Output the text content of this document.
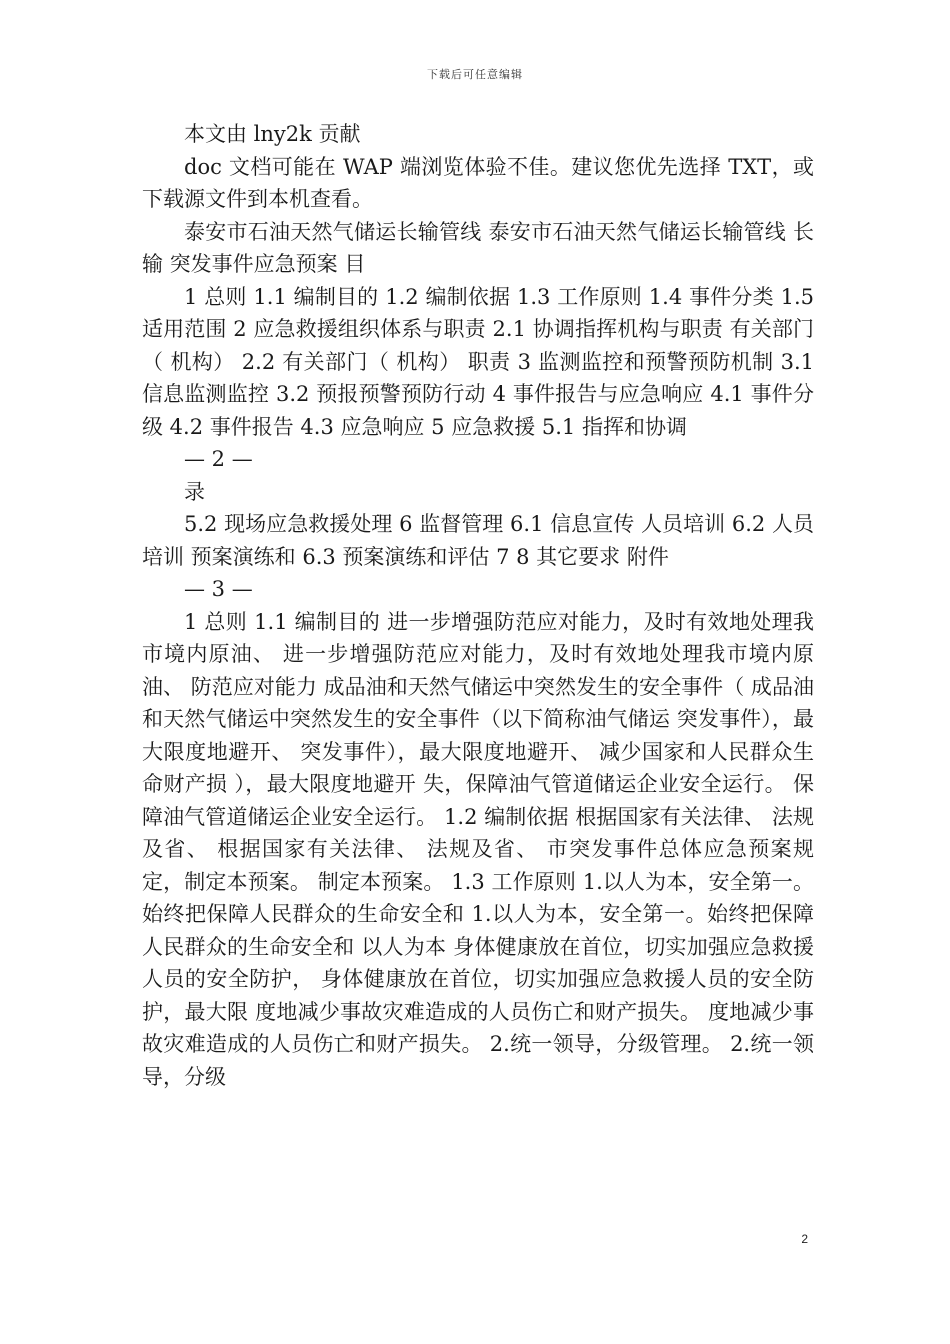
下载后可任意编辑

本文由 lny2k 贡献

doc 文档可能在 WAP 端浏览体验不佳。建议您优先选择 TXT，或下载源文件到本机查看。

泰安市石油天然气储运长输管线 泰安市石油天然气储运长输管线 长输 突发事件应急预案 目

1 总则 1.1 编制目的 1.2 编制依据 1.3 工作原则 1.4 事件分类 1.5 适用范围 2 应急救援组织体系与职责 2.1 协调指挥机构与职责 有关部门（ 机构） 2.2 有关部门（ 机构） 职责 3 监测监控和预警预防机制 3.1 信息监测监控 3.2 预报预警预防行动 4 事件报告与应急响应 4.1 事件分级 4.2 事件报告 4.3 应急响应 5 应急救援 5.1 指挥和协调

— 2 —

录

5.2 现场应急救援处理 6 监督管理 6.1 信息宣传 人员培训 6.2 人员培训 预案演练和 6.3 预案演练和评估 7 8 其它要求 附件

— 3 —

1 总则 1.1 编制目的 进一步增强防范应对能力，及时有效地处理我市境内原油、 进一步增强防范应对能力，及时有效地处理我市境内原油、 防范应对能力 成品油和天然气储运中突然发生的安全事件（ 成品油和天然气储运中突然发生的安全事件（以下简称油气储运 突发事件），最大限度地避开、 突发事件），最大限度地避开、 减少国家和人民群众生命财产损 ），最大限度地避开 失，保障油气管道储运企业安全运行。 保障油气管道储运企业安全运行。 1.2 编制依据 根据国家有关法律、 法规及省、 根据国家有关法律、 法规及省、 市突发事件总体应急预案规 定，制定本预案。 制定本预案。 1.3 工作原则 1.以人为本，安全第一。始终把保障人民群众的生命安全和 1.以人为本，安全第一。始终把保障人民群众的生命安全和 以人为本 身体健康放在首位，切实加强应急救援人员的安全防护， 身体健康放在首位，切实加强应急救援人员的安全防护，最大限 度地减少事故灾难造成的人员伤亡和财产损失。 度地减少事故灾难造成的人员伤亡和财产损失。 2.统一领导，分级管理。 2.统一领导，分级

2
